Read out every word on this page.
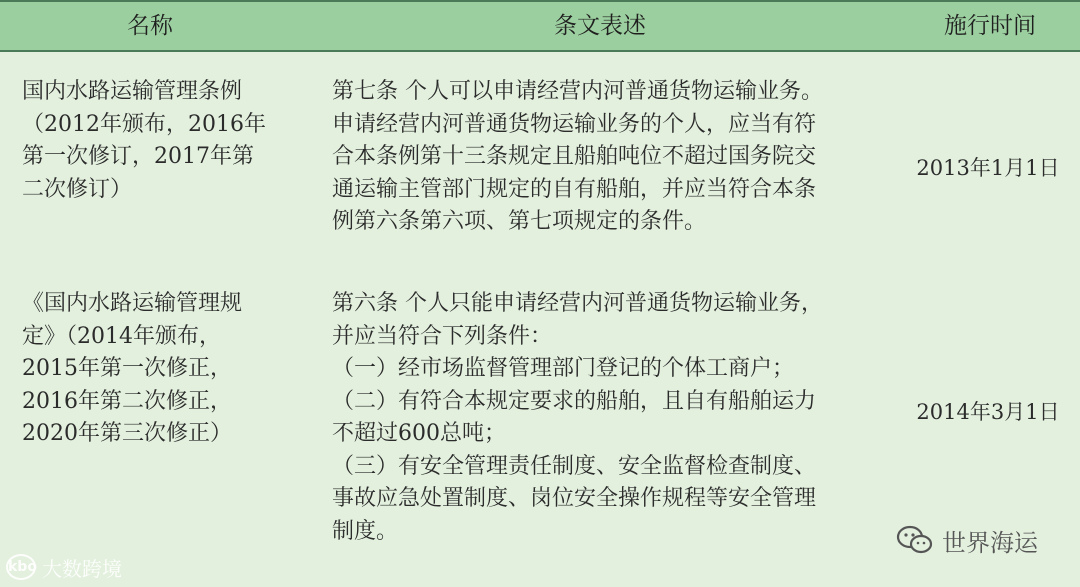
名称	条文表述	施行时间
国内水路运输管理条例
（2012年颁布，2016年
第一次修订，2017年第
二次修订）
第七条 个人可以申请经营内河普通货物运输业务。
申请经营内河普通货物运输业务的个人，应当有符
合本条例第十三条规定且船舶吨位不超过国务院交
通运输主管部门规定的自有船舶，并应当符合本条
例第六条第六项、第七项规定的条件。
2013年1月1日
《国内水路运输管理规
定》（2014年颁布，
2015年第一次修正，
2016年第二次修正，
2020年第三次修正）
第六条 个人只能申请经营内河普通货物运输业务，
并应当符合下列条件：
（一）经市场监督管理部门登记的个体工商户；
（二）有符合本规定要求的船舶，且自有船舶运力
不超过600总吨；
（三）有安全管理责任制度、安全监督检查制度、
事故应急处置制度、岗位安全操作规程等安全管理
制度。
2014年3月1日
kbo 大数跨境
世界海运
